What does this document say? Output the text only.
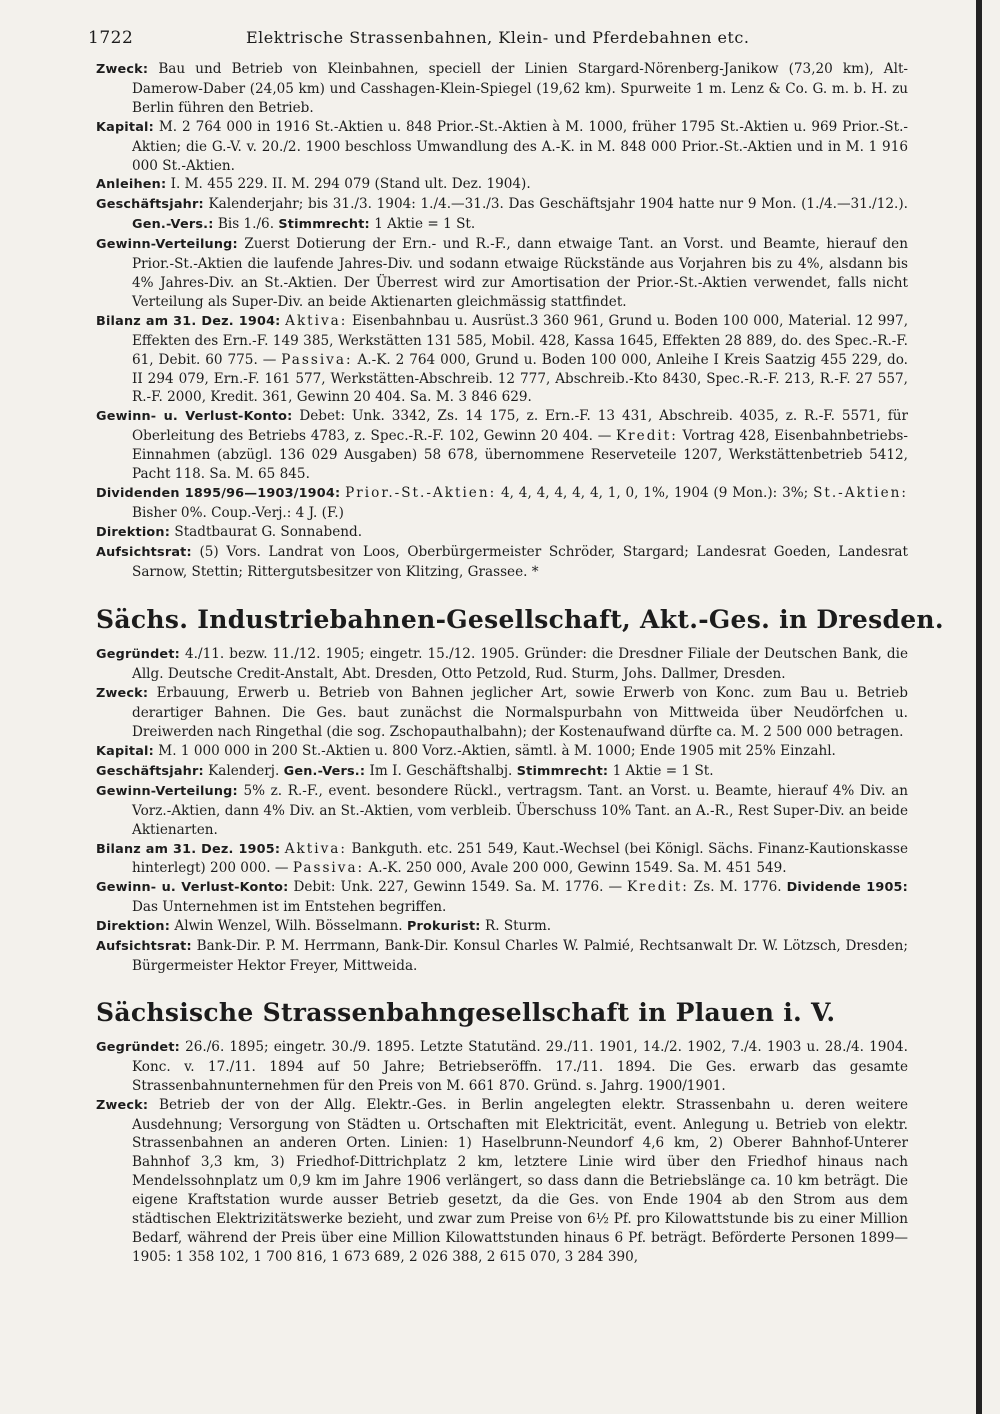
1722	Elektrische Strassenbahnen, Klein- und Pferdebahnen etc.

Zweck: Bau und Betrieb von Kleinbahnen, speciell der Linien Stargard-Nörenberg-Janikow (73,20 km), Alt-Damerow-Daber (24,05 km) und Casshagen-Klein-Spiegel (19,62 km). Spurweite 1 m. Lenz & Co. G. m. b. H. zu Berlin führen den Betrieb.

Kapital: M. 2 764 000 in 1916 St.-Aktien u. 848 Prior.-St.-Aktien à M. 1000, früher 1795 St.-Aktien u. 969 Prior.-St.-Aktien; die G.-V. v. 20./2. 1900 beschloss Umwandlung des A.-K. in M. 848 000 Prior.-St.-Aktien und in M. 1 916 000 St.-Aktien.

Anleihen: I. M. 455 229. II. M. 294 079 (Stand ult. Dez. 1904).

Geschäftsjahr: Kalenderjahr; bis 31./3. 1904: 1./4.—31./3. Das Geschäftsjahr 1904 hatte nur 9 Mon. (1./4.—31./12.). Gen.-Vers.: Bis 1./6. Stimmrecht: 1 Aktie = 1 St.

Gewinn-Verteilung: Zuerst Dotierung der Ern.- und R.-F., dann etwaige Tant. an Vorst. und Beamte, hierauf den Prior.-St.-Aktien die laufende Jahres-Div. und sodann etwaige Rückstände aus Vorjahren bis zu 4%, alsdann bis 4% Jahres-Div. an St.-Aktien. Der Überrest wird zur Amortisation der Prior.-St.-Aktien verwendet, falls nicht Verteilung als Super-Div. an beide Aktienarten gleichmässig stattfindet.

Bilanz am 31. Dez. 1904: Aktiva: Eisenbahnbau u. Ausrüst.3 360 961, Grund u. Boden 100 000, Material. 12 997, Effekten des Ern.-F. 149 385, Werkstätten 131 585, Mobil. 428, Kassa 1645, Effekten 28 889, do. des Spec.-R.-F. 61, Debit. 60 775. — Passiva: A.-K. 2 764 000, Grund u. Boden 100 000, Anleihe I Kreis Saatzig 455 229, do. II 294 079, Ern.-F. 161 577, Werkstätten-Abschreib. 12 777, Abschreib.-Kto 8430, Spec.-R.-F. 213, R.-F. 27 557, R.-F. 2000, Kredit. 361, Gewinn 20 404. Sa. M. 3 846 629.

Gewinn- u. Verlust-Konto: Debet: Unk. 3342, Zs. 14 175, z. Ern.-F. 13 431, Abschreib. 4035, z. R.-F. 5571, für Oberleitung des Betriebs 4783, z. Spec.-R.-F. 102, Gewinn 20 404. — Kredit: Vortrag 428, Eisenbahnbetriebs-Einnahmen (abzügl. 136 029 Ausgaben) 58 678, übernommene Reserveteile 1207, Werkstättenbetrieb 5412, Pacht 118. Sa. M. 65 845.

Dividenden 1895/96—1903/1904: Prior.-St.-Aktien: 4, 4, 4, 4, 4, 4, 1, 0, 1%, 1904 (9 Mon.): 3%; St.-Aktien: Bisher 0%. Coup.-Verj.: 4 J. (F.)

Direktion: Stadtbaurat G. Sonnabend.

Aufsichtsrat: (5) Vors. Landrat von Loos, Oberbürgermeister Schröder, Stargard; Landesrat Goeden, Landesrat Sarnow, Stettin; Rittergutsbesitzer von Klitzing, Grassee. *

Sächs. Industriebahnen-Gesellschaft, Akt.-Ges. in Dresden.

Gegründet: 4./11. bezw. 11./12. 1905; eingetr. 15./12. 1905. Gründer: die Dresdner Filiale der Deutschen Bank, die Allg. Deutsche Credit-Anstalt, Abt. Dresden, Otto Petzold, Rud. Sturm, Johs. Dallmer, Dresden.

Zweck: Erbauung, Erwerb u. Betrieb von Bahnen jeglicher Art, sowie Erwerb von Konc. zum Bau u. Betrieb derartiger Bahnen. Die Ges. baut zunächst die Normalspurbahn von Mittweida über Neudörfchen u. Dreiwerden nach Ringethal (die sog. Zschopauthalbahn); der Kostenaufwand dürfte ca. M. 2 500 000 betragen.

Kapital: M. 1 000 000 in 200 St.-Aktien u. 800 Vorz.-Aktien, sämtl. à M. 1000; Ende 1905 mit 25% Einzahl.

Geschäftsjahr: Kalenderj. Gen.-Vers.: Im I. Geschäftshalbj. Stimmrecht: 1 Aktie = 1 St.

Gewinn-Verteilung: 5% z. R.-F., event. besondere Rückl., vertragsm. Tant. an Vorst. u. Beamte, hierauf 4% Div. an Vorz.-Aktien, dann 4% Div. an St.-Aktien, vom verbleib. Überschuss 10% Tant. an A.-R., Rest Super-Div. an beide Aktienarten.

Bilanz am 31. Dez. 1905: Aktiva: Bankguth. etc. 251 549, Kaut.-Wechsel (bei Königl. Sächs. Finanz-Kautionskasse hinterlegt) 200 000. — Passiva: A.-K. 250 000, Avale 200 000, Gewinn 1549. Sa. M. 451 549.

Gewinn- u. Verlust-Konto: Debit: Unk. 227, Gewinn 1549. Sa. M. 1776. — Kredit: Zs. M. 1776. Dividende 1905: Das Unternehmen ist im Entstehen begriffen.

Direktion: Alwin Wenzel, Wilh. Bösselmann. Prokurist: R. Sturm.

Aufsichtsrat: Bank-Dir. P. M. Herrmann, Bank-Dir. Konsul Charles W. Palmié, Rechtsanwalt Dr. W. Lötzsch, Dresden; Bürgermeister Hektor Freyer, Mittweida.

Sächsische Strassenbahngesellschaft in Plauen i. V.

Gegründet: 26./6. 1895; eingetr. 30./9. 1895. Letzte Statutänd. 29./11. 1901, 14./2. 1902, 7./4. 1903 u. 28./4. 1904. Konc. v. 17./11. 1894 auf 50 Jahre; Betriebseröffn. 17./11. 1894. Die Ges. erwarb das gesamte Strassenbahnunternehmen für den Preis von M. 661 870. Gründ. s. Jahrg. 1900/1901.

Zweck: Betrieb der von der Allg. Elektr.-Ges. in Berlin angelegten elektr. Strassenbahn u. deren weitere Ausdehnung; Versorgung von Städten u. Ortschaften mit Elektricität, event. Anlegung u. Betrieb von elektr. Strassenbahnen an anderen Orten. Linien: 1) Haselbrunn-Neundorf 4,6 km, 2) Oberer Bahnhof-Unterer Bahnhof 3,3 km, 3) Friedhof-Dittrichplatz 2 km, letztere Linie wird über den Friedhof hinaus nach Mendelssohnplatz um 0,9 km im Jahre 1906 verlängert, so dass dann die Betriebslänge ca. 10 km beträgt. Die eigene Kraftstation wurde ausser Betrieb gesetzt, da die Ges. von Ende 1904 ab den Strom aus dem städtischen Elektrizitätswerke bezieht, und zwar zum Preise von 6½ Pf. pro Kilowattstunde bis zu einer Million Bedarf, während der Preis über eine Million Kilowattstunden hinaus 6 Pf. beträgt. Beförderte Personen 1899—1905: 1 358 102, 1 700 816, 1 673 689, 2 026 388, 2 615 070, 3 284 390,
